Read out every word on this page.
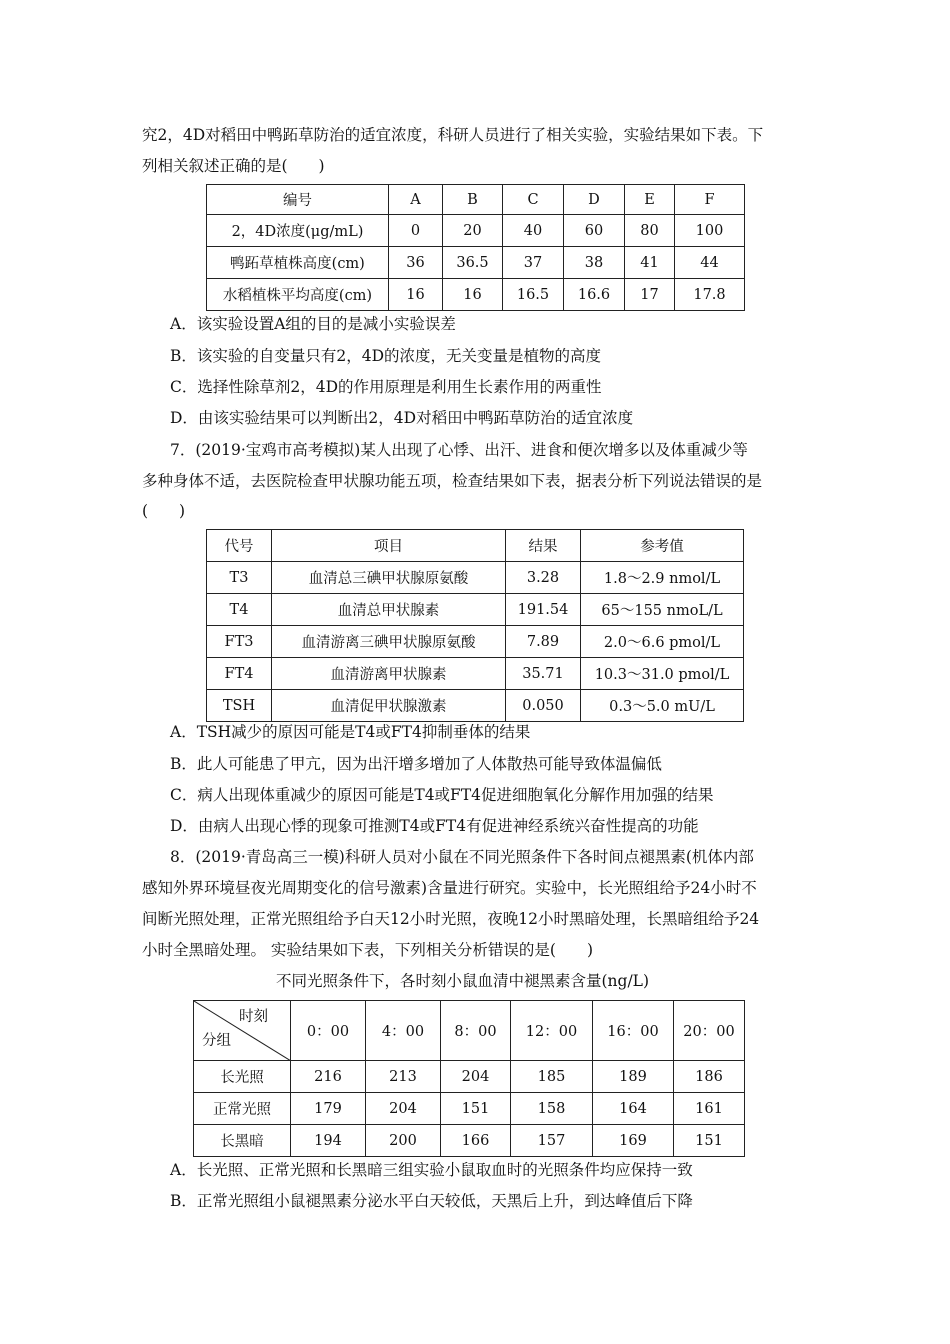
究2，4D对稻田中鸭跖草防治的适宜浓度，科研人员进行了相关实验，实验结果如下表。下
列相关叙述正确的是(　　)
编号	A	B	C	D	E	F
2，4D浓度(μg/mL)	0	20	40	60	80	100
鸭跖草植株高度(cm)	36	36.5	37	38	41	44
水稻植株平均高度(cm)	16	16	16.5	16.6	17	17.8
A．该实验设置A组的目的是减小实验误差
B．该实验的自变量只有2，4D的浓度，无关变量是植物的高度
C．选择性除草剂2，4D的作用原理是利用生长素作用的两重性
D．由该实验结果可以判断出2，4D对稻田中鸭跖草防治的适宜浓度
7．(2019·宝鸡市高考模拟)某人出现了心悸、出汗、进食和便次增多以及体重减少等
多种身体不适，去医院检查甲状腺功能五项，检查结果如下表，据表分析下列说法错误的是
(　　)
代号	项目	结果	参考值
T3	血清总三碘甲状腺原氨酸	3.28	1.8～2.9 nmol/L
T4	血清总甲状腺素	191.54	65～155 nmoL/L
FT3	血清游离三碘甲状腺原氨酸	7.89	2.0～6.6 pmol/L
FT4	血清游离甲状腺素	35.71	10.3～31.0 pmol/L
TSH	血清促甲状腺激素	0.050	0.3～5.0 mU/L
A．TSH减少的原因可能是T4或FT4抑制垂体的结果
B．此人可能患了甲亢，因为出汗增多增加了人体散热可能导致体温偏低
C．病人出现体重减少的原因可能是T4或FT4促进细胞氧化分解作用加强的结果
D．由病人出现心悸的现象可推测T4或FT4有促进神经系统兴奋性提高的功能
8．(2019·青岛高三一模)科研人员对小鼠在不同光照条件下各时间点褪黑素(机体内部
感知外界环境昼夜光周期变化的信号激素)含量进行研究。实验中，长光照组给予24小时不
间断光照处理，正常光照组给予白天12小时光照，夜晚12小时黑暗处理，长黑暗组给予24
小时全黑暗处理。 实验结果如下表，下列相关分析错误的是(　　)
不同光照条件下，各时刻小鼠血清中褪黑素含量(ng/L)
时刻
分组	0：00	4：00	8：00	12：00	16：00	20：00
长光照	216	213	204	185	189	186
正常光照	179	204	151	158	164	161
长黑暗	194	200	166	157	169	151
A．长光照、正常光照和长黑暗三组实验小鼠取血时的光照条件均应保持一致
B．正常光照组小鼠褪黑素分泌水平白天较低，天黑后上升，到达峰值后下降
